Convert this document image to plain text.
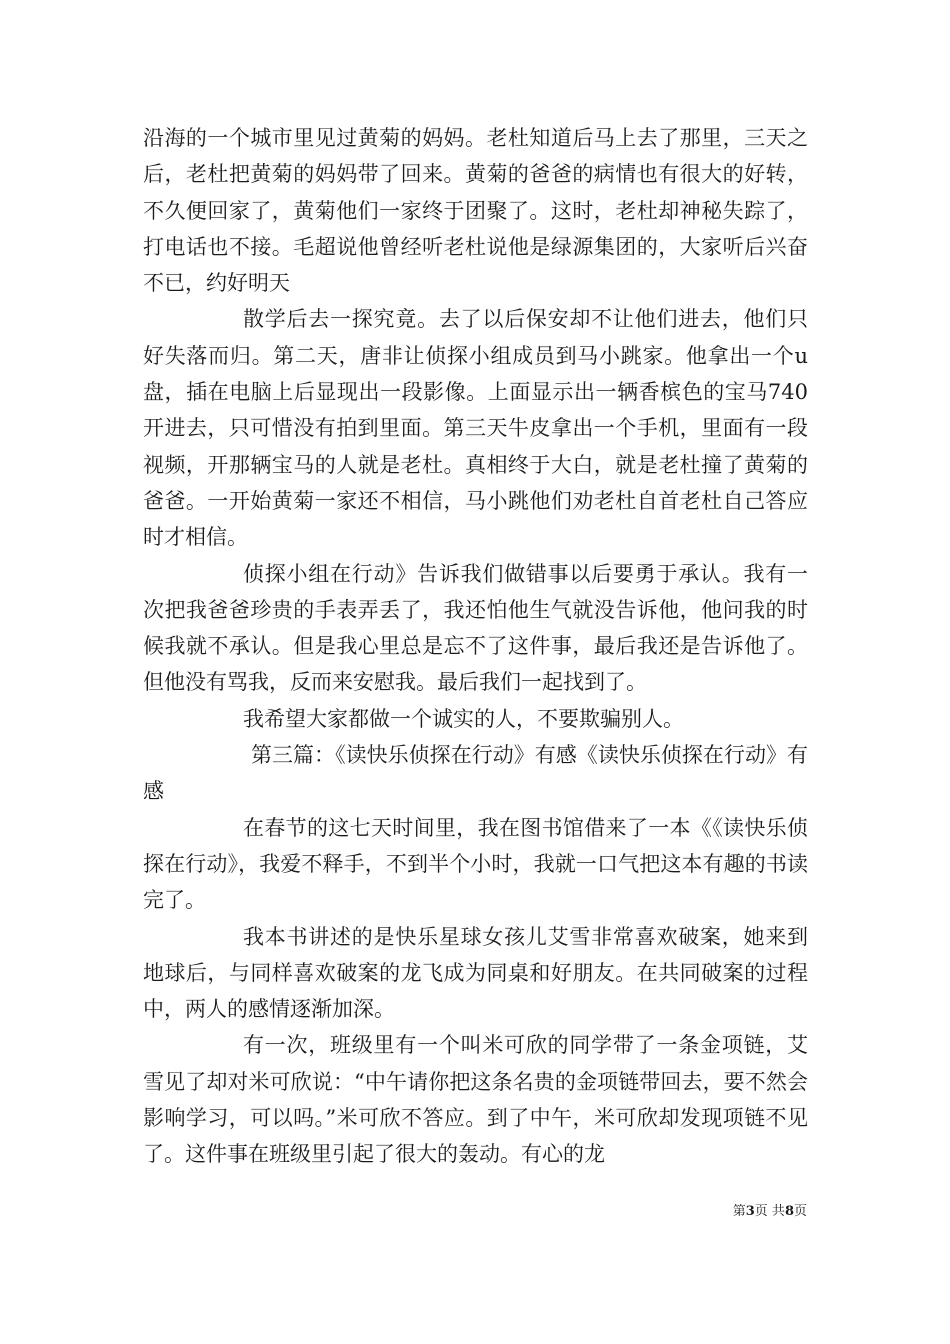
沿海的一个城市里见过黄菊的妈妈。老杜知道后马上去了那里，三天之后，老杜把黄菊的妈妈带了回来。黄菊的爸爸的病情也有很大的好转，不久便回家了，黄菊他们一家终于团聚了。这时，老杜却神秘失踪了，打电话也不接。毛超说他曾经听老杜说他是绿源集团的，大家听后兴奋不已，约好明天

散学后去一探究竟。去了以后保安却不让他们进去，他们只好失落而归。第二天，唐非让侦探小组成员到马小跳家。他拿出一个u盘，插在电脑上后显现出一段影像。上面显示出一辆香槟色的宝马740开进去，只可惜没有拍到里面。第三天牛皮拿出一个手机，里面有一段视频，开那辆宝马的人就是老杜。真相终于大白，就是老杜撞了黄菊的爸爸。一开始黄菊一家还不相信，马小跳他们劝老杜自首老杜自己答应时才相信。

侦探小组在行动》告诉我们做错事以后要勇于承认。我有一次把我爸爸珍贵的手表弄丢了，我还怕他生气就没告诉他，他问我的时候我就不承认。但是我心里总是忘不了这件事，最后我还是告诉他了。但他没有骂我，反而来安慰我。最后我们一起找到了。

我希望大家都做一个诚实的人，不要欺骗别人。

第三篇：《读快乐侦探在行动》有感《读快乐侦探在行动》有感

在春节的这七天时间里，我在图书馆借来了一本《《读快乐侦探在行动》，我爱不释手，不到半个小时，我就一口气把这本有趣的书读完了。

我本书讲述的是快乐星球女孩儿艾雪非常喜欢破案，她来到地球后，与同样喜欢破案的龙飞成为同桌和好朋友。在共同破案的过程中，两人的感情逐渐加深。

有一次，班级里有一个叫米可欣的同学带了一条金项链，艾雪见了却对米可欣说：“中午请你把这条名贵的金项链带回去，要不然会影响学习，可以吗。”米可欣不答应。到了中午，米可欣却发现项链不见了。这件事在班级里引起了很大的轰动。有心的龙

第3页 共8页
